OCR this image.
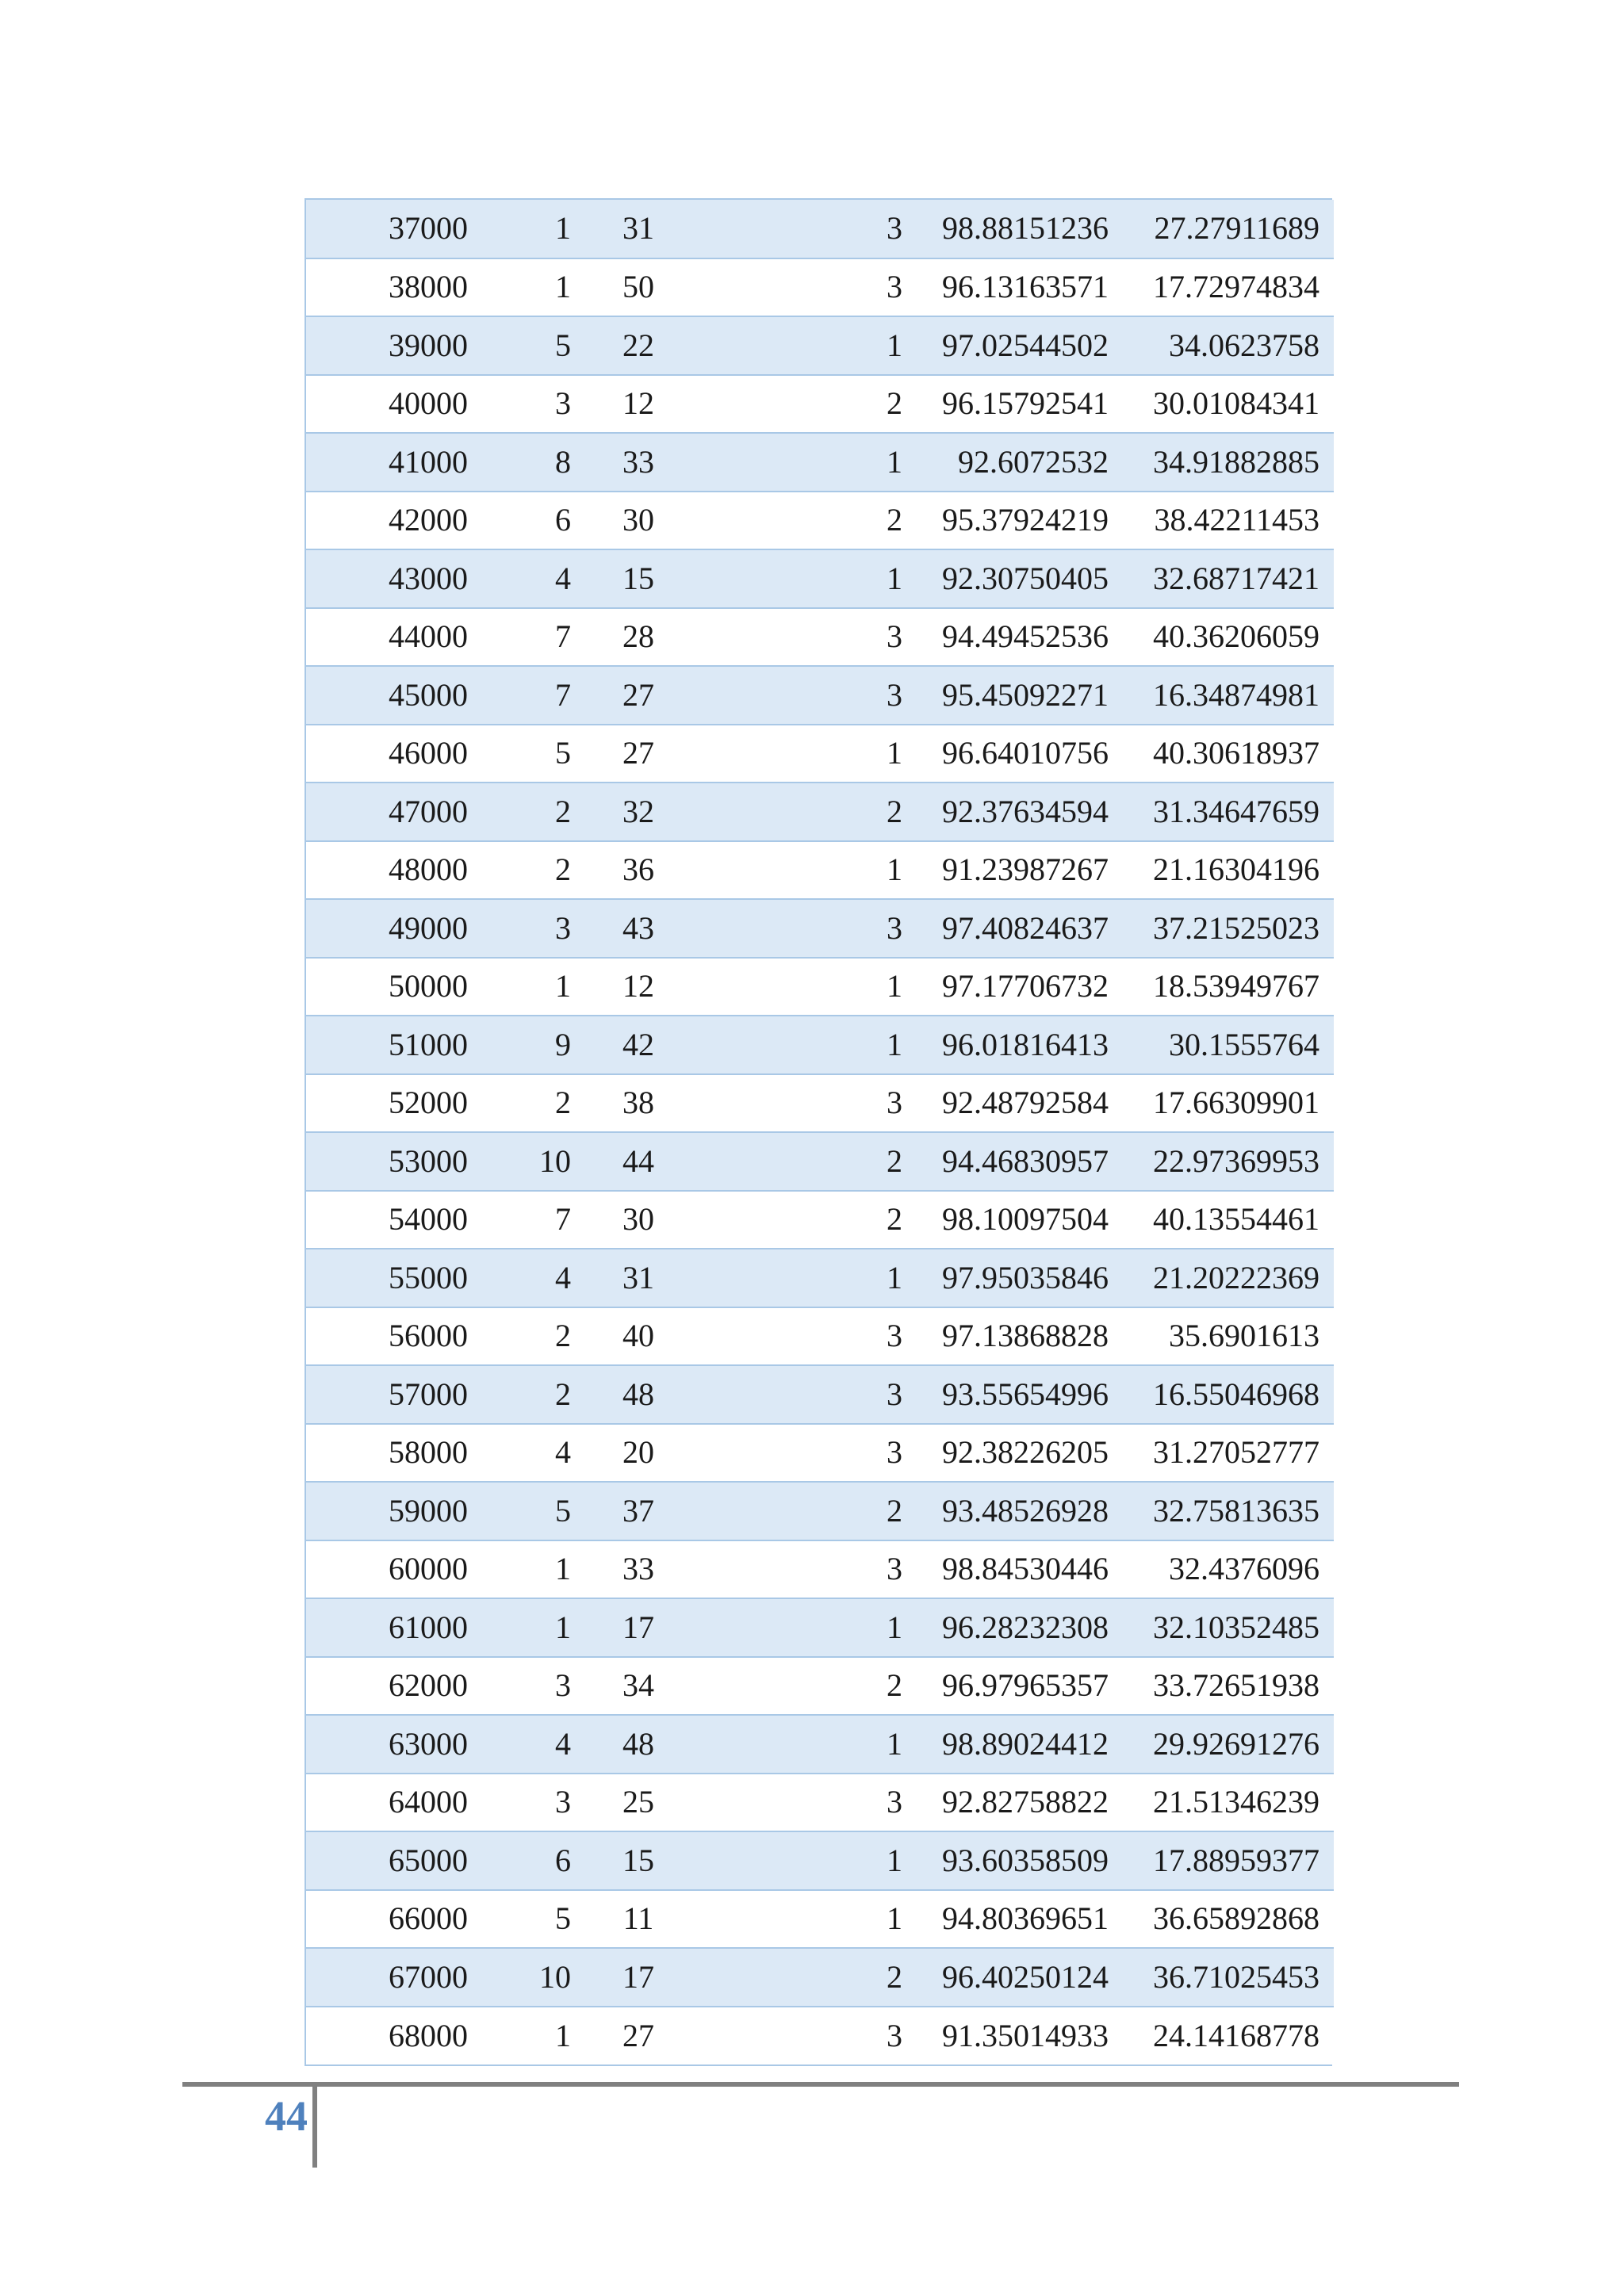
37000	1	31	3	98.88151236	27.27911689
38000	1	50	3	96.13163571	17.72974834
39000	5	22	1	97.02544502	34.0623758
40000	3	12	2	96.15792541	30.01084341
41000	8	33	1	92.6072532	34.91882885
42000	6	30	2	95.37924219	38.42211453
43000	4	15	1	92.30750405	32.68717421
44000	7	28	3	94.49452536	40.36206059
45000	7	27	3	95.45092271	16.34874981
46000	5	27	1	96.64010756	40.30618937
47000	2	32	2	92.37634594	31.34647659
48000	2	36	1	91.23987267	21.16304196
49000	3	43	3	97.40824637	37.21525023
50000	1	12	1	97.17706732	18.53949767
51000	9	42	1	96.01816413	30.1555764
52000	2	38	3	92.48792584	17.66309901
53000	10	44	2	94.46830957	22.97369953
54000	7	30	2	98.10097504	40.13554461
55000	4	31	1	97.95035846	21.20222369
56000	2	40	3	97.13868828	35.6901613
57000	2	48	3	93.55654996	16.55046968
58000	4	20	3	92.38226205	31.27052777
59000	5	37	2	93.48526928	32.75813635
60000	1	33	3	98.84530446	32.4376096
61000	1	17	1	96.28232308	32.10352485
62000	3	34	2	96.97965357	33.72651938
63000	4	48	1	98.89024412	29.92691276
64000	3	25	3	92.82758822	21.51346239
65000	6	15	1	93.60358509	17.88959377
66000	5	11	1	94.80369651	36.65892868
67000	10	17	2	96.40250124	36.71025453
68000	1	27	3	91.35014933	24.14168778
44
